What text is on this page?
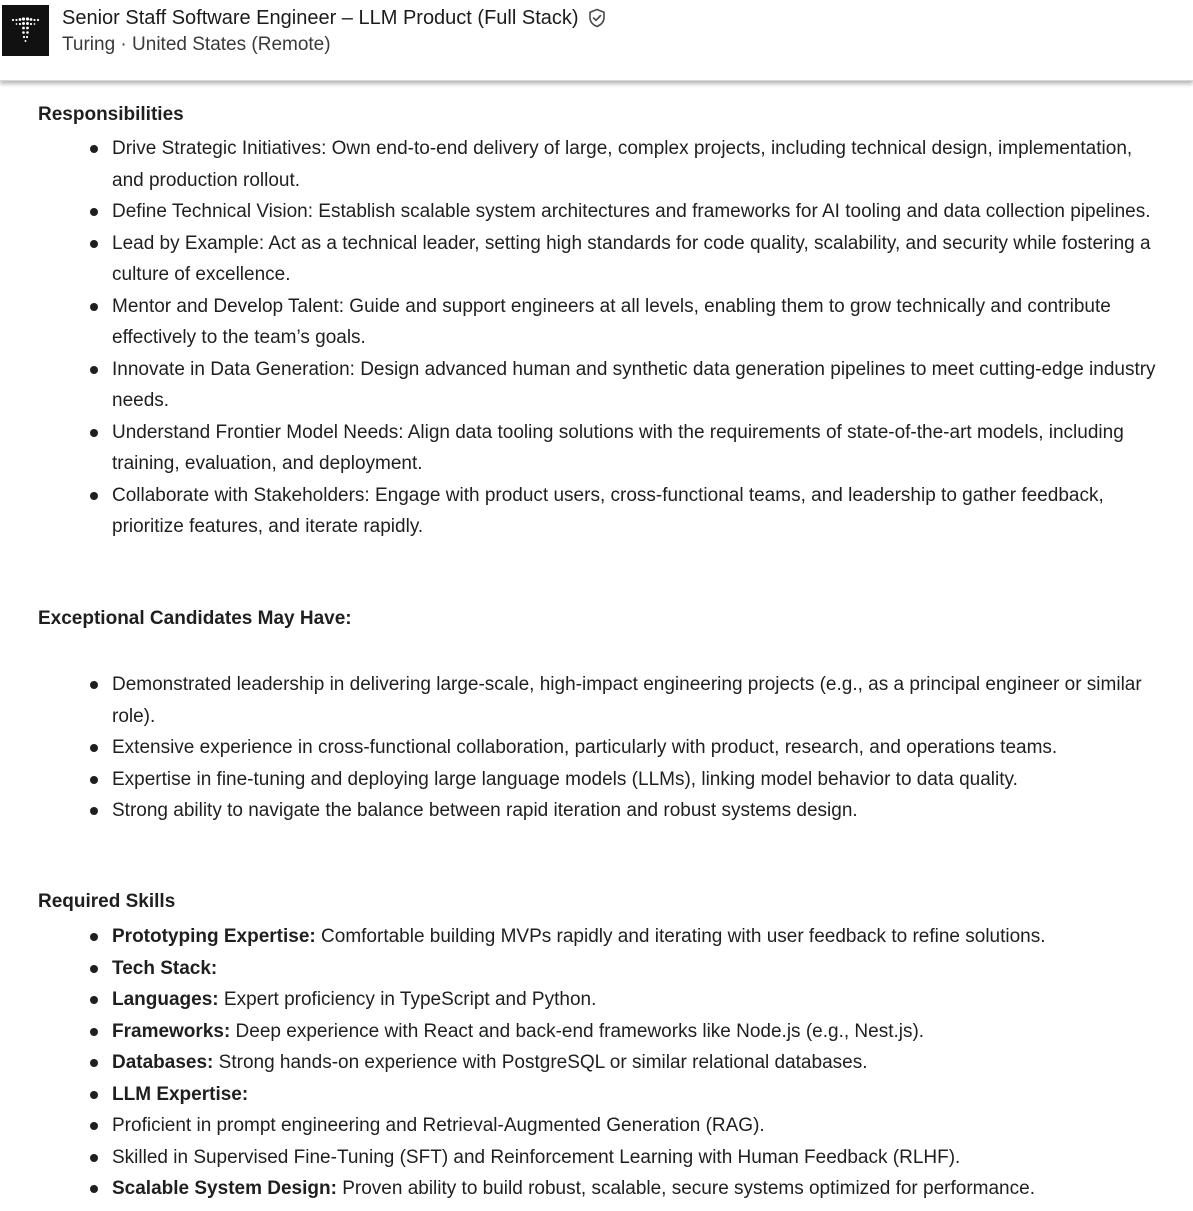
Senior Staff Software Engineer – LLM Product (Full Stack)
Turing · United States (Remote)
Responsibilities
Drive Strategic Initiatives: Own end-to-end delivery of large, complex projects, including technical design, implementation, and production rollout.
Define Technical Vision: Establish scalable system architectures and frameworks for AI tooling and data collection pipelines.
Lead by Example: Act as a technical leader, setting high standards for code quality, scalability, and security while fostering a culture of excellence.
Mentor and Develop Talent: Guide and support engineers at all levels, enabling them to grow technically and contribute effectively to the team’s goals.
Innovate in Data Generation: Design advanced human and synthetic data generation pipelines to meet cutting-edge industry needs.
Understand Frontier Model Needs: Align data tooling solutions with the requirements of state-of-the-art models, including training, evaluation, and deployment.
Collaborate with Stakeholders: Engage with product users, cross-functional teams, and leadership to gather feedback, prioritize features, and iterate rapidly.
Exceptional Candidates May Have:
Demonstrated leadership in delivering large-scale, high-impact engineering projects (e.g., as a principal engineer or similar role).
Extensive experience in cross-functional collaboration, particularly with product, research, and operations teams.
Expertise in fine-tuning and deploying large language models (LLMs), linking model behavior to data quality.
Strong ability to navigate the balance between rapid iteration and robust systems design.
Required Skills
Prototyping Expertise: Comfortable building MVPs rapidly and iterating with user feedback to refine solutions.
Tech Stack:
Languages: Expert proficiency in TypeScript and Python.
Frameworks: Deep experience with React and back-end frameworks like Node.js (e.g., Nest.js).
Databases: Strong hands-on experience with PostgreSQL or similar relational databases.
LLM Expertise:
Proficient in prompt engineering and Retrieval-Augmented Generation (RAG).
Skilled in Supervised Fine-Tuning (SFT) and Reinforcement Learning with Human Feedback (RLHF).
Scalable System Design: Proven ability to build robust, scalable, secure systems optimized for performance.
